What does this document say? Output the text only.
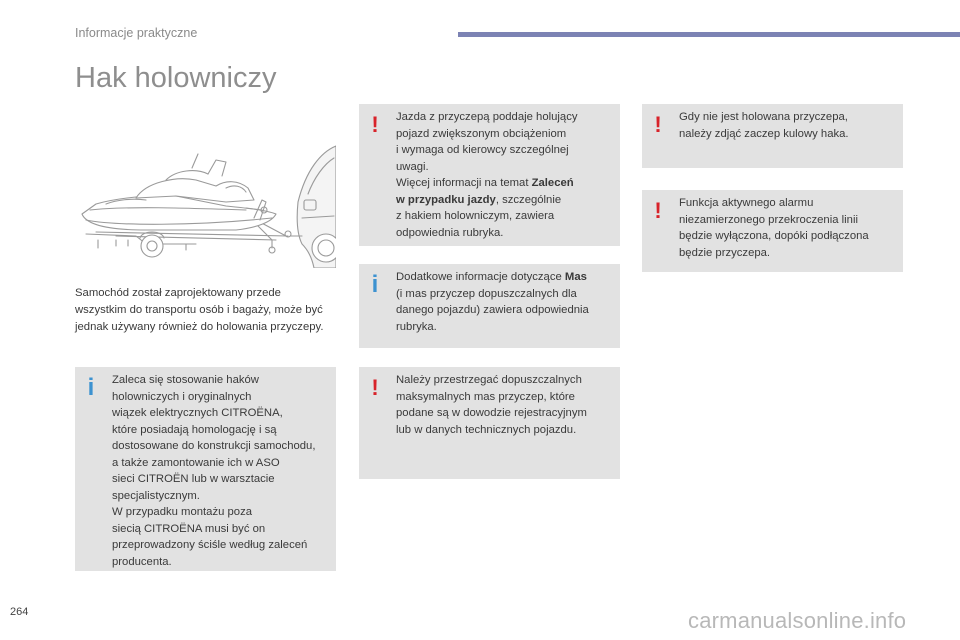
Informacje praktyczne
Hak holowniczy
Samochód został zaprojektowany przede wszystkim do transportu osób i bagaży, może być jednak używany również do holowania przyczepy.
i Zaleca się stosowanie haków
holowniczych i oryginalnych
wiązek elektrycznych CITROËNA,
które posiadają homologację i są
dostosowane do konstrukcji samochodu,
a także zamontowanie ich w ASO
sieci CITROËN lub w warsztacie
specjalistycznym.
W przypadku montażu poza
siecią CITROËNA musi być on
przeprowadzony ściśle według zaleceń
producenta.
! Jazda z przyczepą poddaje holujący
pojazd zwiększonym obciążeniom
i wymaga od kierowcy szczególnej
uwagi.
Więcej informacji na temat Zaleceń
w przypadku jazdy, szczególnie
z hakiem holowniczym, zawiera
odpowiednia rubryka.
i Dodatkowe informacje dotyczące Mas
(i mas przyczep dopuszczalnych dla
danego pojazdu) zawiera odpowiednia
rubryka.
! Należy przestrzegać dopuszczalnych
maksymalnych mas przyczep, które
podane są w dowodzie rejestracyjnym
lub w danych technicznych pojazdu.
! Gdy nie jest holowana przyczepa,
należy zdjąć zaczep kulowy haka.
! Funkcja aktywnego alarmu
niezamierzonego przekroczenia linii
będzie wyłączona, dopóki podłączona
będzie przyczepa.
264	carmanualsonline.info
